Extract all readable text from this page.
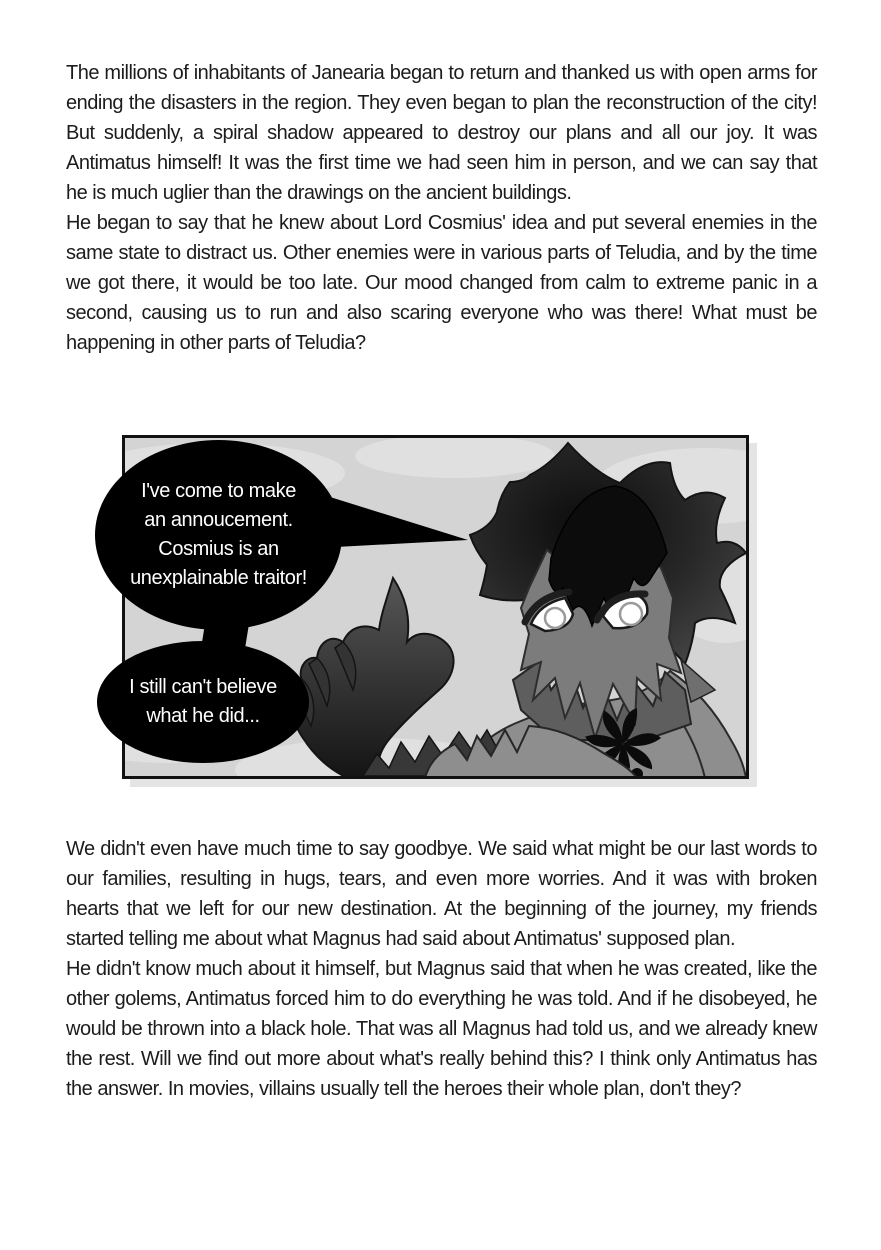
The millions of inhabitants of Janearia began to return and thanked us with open arms for ending the disasters in the region. They even began to plan the reconstruction of the city! But suddenly, a spiral shadow appeared to destroy our plans and all our joy. It was Antimatus himself! It was the first time we had seen him in person, and we can say that he is much uglier than the drawings on the ancient buildings.

He began to say that he knew about Lord Cosmius' idea and put several enemies in the same state to distract us. Other enemies were in various parts of Teludia, and by the time we got there, it would be too late. Our mood changed from calm to extreme panic in a second, causing us to run and also scaring everyone who was there! What must be happening in other parts of Teludia?

I've come to make
an annoucement.
Cosmius is an
unexplainable traitor!
I still can't believe
what he did...

We didn't even have much time to say goodbye. We said what might be our last words to our families, resulting in hugs, tears, and even more worries. And it was with broken hearts that we left for our new destination. At the beginning of the journey, my friends started telling me about what Magnus had said about Antimatus' supposed plan.

He didn't know much about it himself, but Magnus said that when he was created, like the other golems, Antimatus forced him to do everything he was told. And if he disobeyed, he would be thrown into a black hole. That was all Magnus had told us, and we already knew the rest. Will we find out more about what's really behind this? I think only Antimatus has the answer. In movies, villains usually tell the heroes their whole plan, don't they?
